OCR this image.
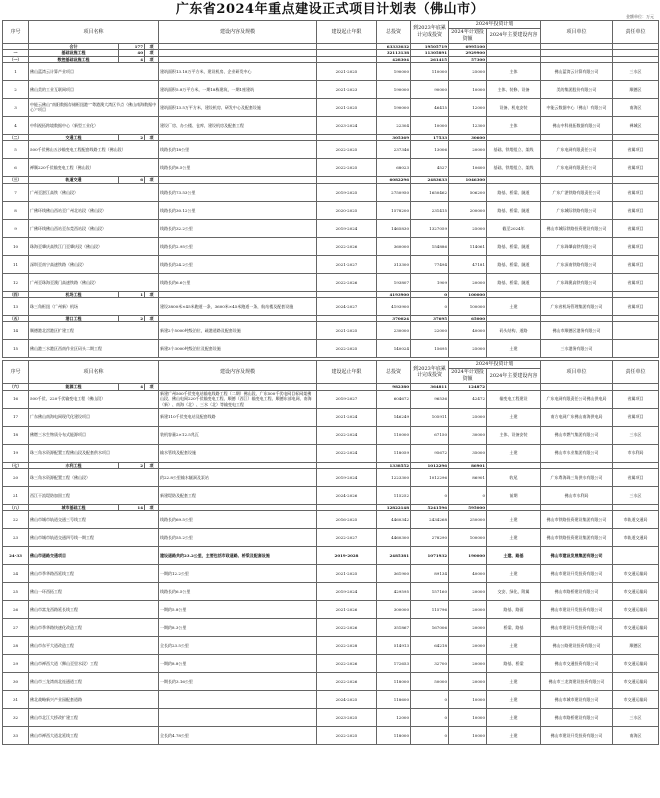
广东省2024年重点建设正式项目计划表（佛山市）	金额单位：万元
序号	项目名称			建设内容及规模	建设起止年限	总投资	到2023年底累计完成投资	2024年投资计划		项目单位	责任单位
								2024年计划投资额	2024年主要建设内容		
	合计	177	项			63333032	19505719	6995100			
一	基础设施工程	40	项			32113138	11305891	2929900			
（一）	数控基础设施工程	4	项			428304	261415	57300			
1	佛山蓝湾云计算产业项目			建筑面积13.18万平方米，建设机房、企业研发中心	2021-2025	190000	110000	25000	主体	佛山蓝湾云计算有限公司	三水区
2	佛山美的工业互联网项目			建筑面积5.8万平方米，一期18栋建筑，一期1座建筑	2021-2023	190000	90000	10000	主体、装修、设备	美的集团股份有限公司	顺德区
3	中能云佛山“南阳数据存储枢纽港”“粤港澳大湾区节点（佛山南海数据中心）”项目			建筑面积13.5万平方米，建设机房、研发中心及配套设施	2021-2025	190000	46415	12000	设备、机电安装	中能云数据中心（佛山）有限公司	南海区
4	中科视拓跨境数据中心（新型工业化）			建设厂房、办公楼、仓库，建设机房及配套工程	2023-2024	22304	10000	12300	主体	佛山中科视拓数据有限公司	禅城区
（二）	交通工程	2	项			305369	17533	30600			
5	500千伏佛山五沙输变电工程配套线路工程（佛山段）			线路长约18公里	2022-2025	237346	13006	20000	基础、铁塔组立、架线	广东电网有限责任公司	省属项目
6	禅顺220千伏输变电工程（佛山段）			线路长约8.5公里	2022-2025	68023	4527	10600	基础、铁塔组立、架线	广东电网有限责任公司	省属项目
（三）	轨道交通	6	项			6082296	2483633	1046300			
7	广州至湛江高铁（佛山段）			线路长约73.53公里	2019-2025	2750950	1650462	506200	路基、桥梁、隧道	广东广湛铁路有限责任公司	省属项目
8	广佛环线佛山西站至广州北站段（佛山段）			线路长约30.12公里	2020-2025	1578200	231415	200000	路基、桥梁、隧道	广东城际铁路有限公司	省属项目
9	广佛环线佛山西站至东莞西站段（佛山段）			线路长约32.2公里	2019-2024	1465830	1327059	25000	截至2024年	佛山市城际铁路投资建设有限公司	省属项目
10	珠海至肇庆高铁江门至肇庆段（佛山段）			线路长约2.95公里	2022-2026	360000	154886	114061	路基、桥梁、隧道	广东珠肇高铁有限公司	省属项目
11	深圳至南宁高速铁路（佛山段）			线路长约24.2公里	2021-2027	313300	77494	47181	路基、桥梁、隧道	广东深南铁路有限公司	省属项目
12	广州至珠海至澳门高速铁路（佛山段）			线路长约6.6公里	2022-2026	193807	1909	20000	路基、桥梁、隧道	广东珠澳高铁有限公司	省属项目
（四）	机场工程	1	项			4193900	0	100000			
13	珠三角枢纽（广州新）机场			建设3800米×45米跑道一条，3600米×45米跑道一条，航站楼及配套设施	2024-2027	4193900	0	100000	土建	广东省机场管理集团有限公司	省属项目
（五）	港口工程	2	项			370024	37695	65000			
14	顺德港北滘港区扩建工程			新建2个5000吨级泊位，疏港道路及配套设施	2021-2025	230000	22000	40000	码头结构、道路	佛山市顺德区港务有限公司	
15	佛山港三水港区西南作业区码头二期工程			新建3个3000吨级泊位及配套设施	2022-2025	140024	15695	25000	土建	三水港务有限公司	

序号	项目名称			建设内容及规模	建设起止年限	总投资	到2023年底累计完成投资	2024年投资计划		项目单位	责任单位
								2024年计划投资额	2024年主要建设内容		
（六）	能源工程	4	项			982380	364811	124872			
16	500千伏、220千伏输变电工程（佛山段）			新建广州500千伏变电站输电线路工程（二期）佛山段、广东500千伏电网目标网架佛山段、佛山电网220千伏输变电工程、顺德（西江）输变电工程、顺德东部电网、南海（新）、南海（北）、三水（北）等输变电工程	2019-2027	604672	96536	42472	输变电工程建设	广东电网有限责任公司佛山供电局	省属项目
17	广东佛山南海电网现代化建设项目			新建110千伏变电站及配套线路	2021-2024	146249	105911	25000	土建	南方电网广东佛山南海供电局	省属项目
18	佛燃三水生物质分布式能源项目			装机容量2×12.5兆瓦	2022-2024	110000	67150	30000	主体、设备安装	佛山市燃气集团有限公司	三水区
19	珠三角水资源配置工程佛山段及配套供水项目			输水管线及配套设施	2022-2024	118059	95672	35000	土建	佛山市水业集团有限公司	市水利局
（七）	水利工程	2	项			1338552	1012296	86901			
20	珠三角水资源配置工程（佛山段）			约22.8公里输水隧洞及泵站	2019-2024	1223300	1012296	86901	收尾	广东粤海珠三角供水有限公司	省属项目
21	西江干流堤防加固工程			新建堤防及配套工程	2024-2026	115252	0	0	前期	佛山市水利局	三水区
（八）	城市基础工程	14	项			12822148	5241596	595000			
22	佛山市城市轨道交通三号线工程			线路长约69.5公里	2016-2025	4460342	2434268	250000	土建	佛山市铁路投资建设集团有限公司	市轨道交通局
23	佛山市城市轨道交通四号线一期工程			线路长约55.2公里	2022-2027	4460300	278290	100000	土建	佛山市铁路投资建设集团有限公司	市轨道交通局
24-33	佛山市道路交通项目			建设道路共约23.2公里，主要包括市政道路、桥梁及配套设施	2019-2028	2485381	1071932	190000	土建、路基	佛山市建设发展集团有限公司	
24	佛山市季华路西延线工程			一期约12.2公里	2021-2025	361900	89134	40000	土建	佛山市建设开发投资有限公司	市交通运输局
25	佛山一环西拓工程			线路长约6.5公里	2019-2024	429595	157160	20000	交安、绿化、附属	佛山市路桥建设有限公司	市交通运输局
26	佛山市富龙西路延长线工程			一期约5.8公里	2021-2026	300000	115796	20000	路基、路面	佛山市建设开发投资有限公司	市交通运输局
27	佛山市季华路快速化改造工程			一期约8.3公里	2022-2026	351867	167006	20000	桥梁、路基	佛山市建设开发投资有限公司	市交通运输局
28	佛山市东平大道改造工程			全长约23.5公里	2022-2028	514913	64218	20000	土建	佛山公路建设投资有限公司	顺德区
29	佛山市禅西大道（狮山至里水段）工程			一期约8.8公里	2022-2026	172653	32700	20000	路基、桥梁	佛山市交通投资有限公司	市交通运输局
30	佛山市三龙湾南北连通道工程			一期长约3.16公里	2022-2026	118000	50000	20000	土建	佛山市三龙湾建设投资有限公司	市交通运输局
31	佛北战略新兴产业园配套道路				2024-2025	118600	0	10000	土建	佛山市城市建设有限公司	市交通运输局
32	佛山市北江大桥改扩建工程				2023-2025	12000	0	10000	土建	佛山市路桥建设有限公司	三水区
33	佛山市禅西大道北延线工程			全长约4.78公里	2022-2025	118000	0	10000	土建	佛山市建设开发投资有限公司	南海区
